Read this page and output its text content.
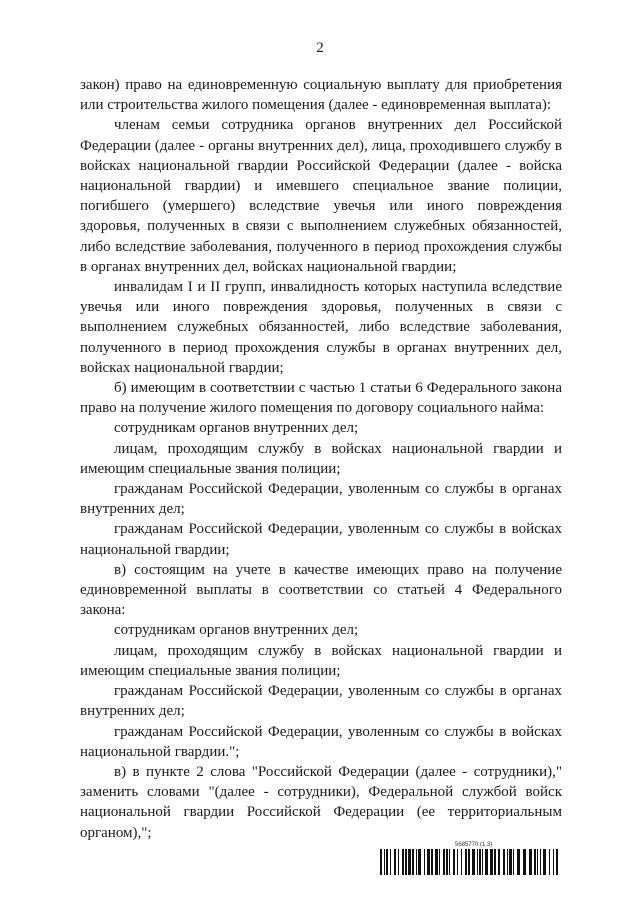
2

закон) право на единовременную социальную выплату для приобретения или строительства жилого помещения (далее - единовременная выплата):

членам семьи сотрудника органов внутренних дел Российской Федерации (далее - органы внутренних дел), лица, проходившего службу в войсках национальной гвардии Российской Федерации (далее - войска национальной гвардии) и имевшего специальное звание полиции, погибшего (умершего) вследствие увечья или иного повреждения здоровья, полученных в связи с выполнением служебных обязанностей, либо вследствие заболевания, полученного в период прохождения службы в органах внутренних дел, войсках национальной гвардии;

инвалидам I и II групп, инвалидность которых наступила вследствие увечья или иного повреждения здоровья, полученных в связи с выполнением служебных обязанностей, либо вследствие заболевания, полученного в период прохождения службы в органах внутренних дел, войсках национальной гвардии;

б) имеющим в соответствии с частью 1 статьи 6 Федерального закона право на получение жилого помещения по договору социального найма:

сотрудникам органов внутренних дел;

лицам, проходящим службу в войсках национальной гвардии и имеющим специальные звания полиции;

гражданам Российской Федерации, уволенным со службы в органах внутренних дел;

гражданам Российской Федерации, уволенным со службы в войсках национальной гвардии;

в) состоящим на учете в качестве имеющих право на получение единовременной выплаты в соответствии со статьей 4 Федерального закона:

сотрудникам органов внутренних дел;

лицам, проходящим службу в войсках национальной гвардии и имеющим специальные звания полиции;

гражданам Российской Федерации, уволенным со службы в органах внутренних дел;

гражданам Российской Федерации, уволенным со службы в войсках национальной гвардии.";

в) в пункте 2 слова "Российской Федерации (далее - сотрудники)," заменить словами "(далее - сотрудники), Федеральной службой войск национальной гвардии Российской Федерации (ее территориальным органом),";

5685770 (1.3)
